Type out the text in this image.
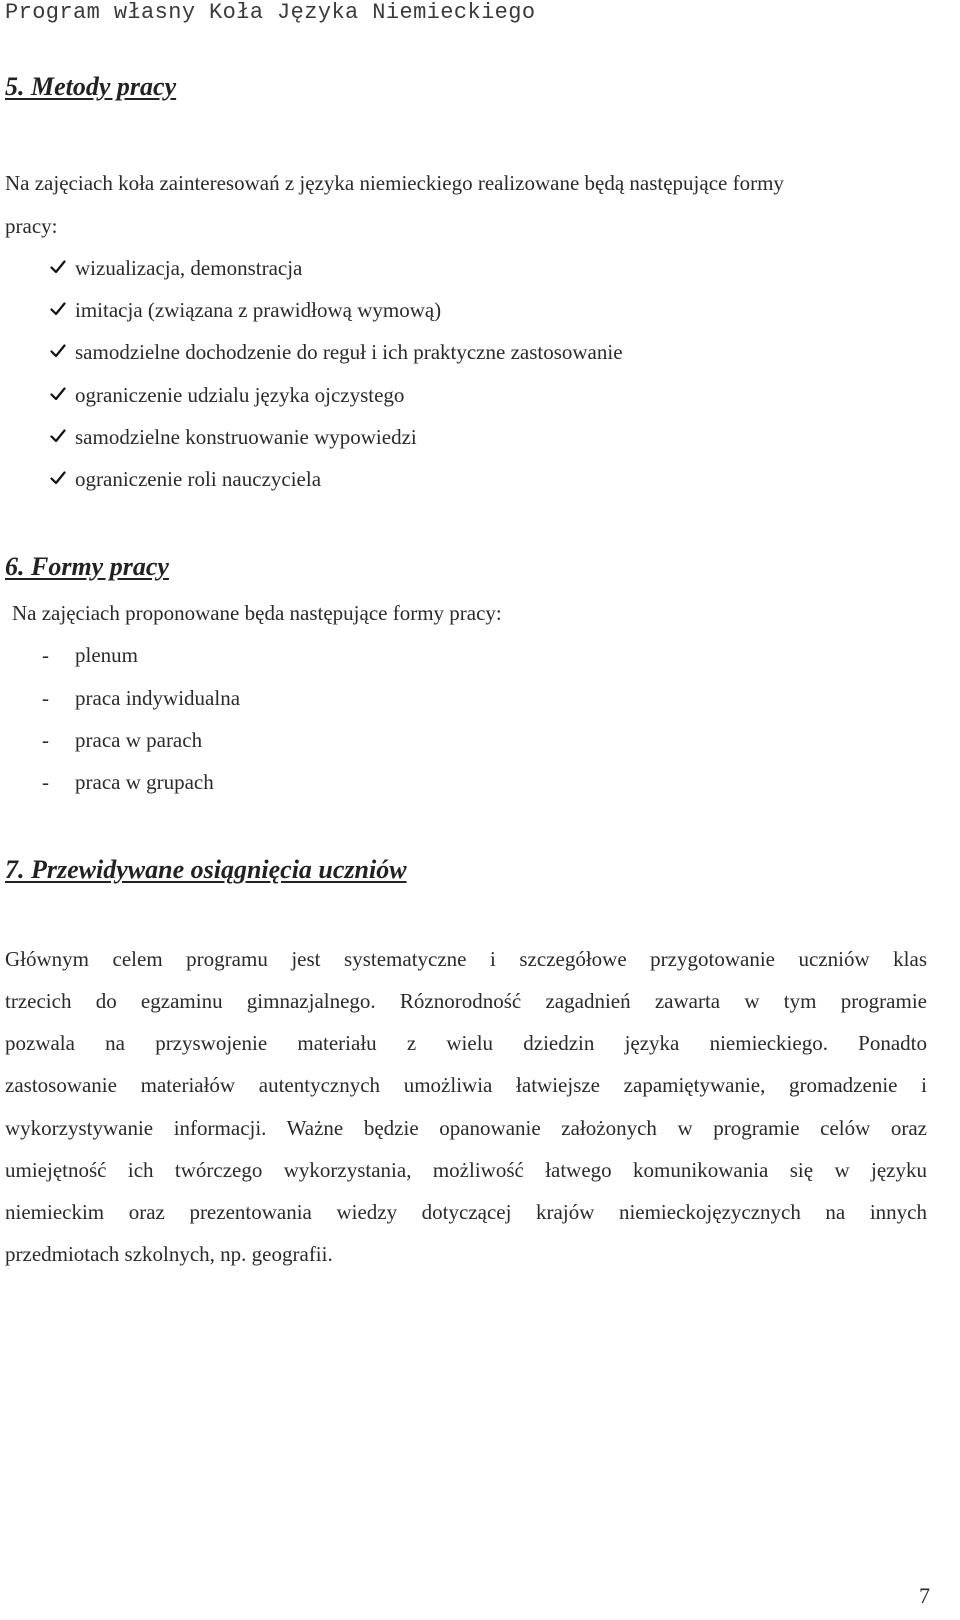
Program własny Koła Języka Niemieckiego
5. Metody pracy
Na zajęciach koła zainteresowań z języka niemieckiego realizowane będą następujące formy
pracy:
wizualizacja, demonstracja
imitacja (związana z prawidłową wymową)
samodzielne dochodzenie do reguł i ich praktyczne zastosowanie
ograniczenie udzialu języka ojczystego
samodzielne konstruowanie wypowiedzi
ograniczenie roli nauczyciela
6. Formy pracy
Na zajęciach proponowane będa następujące formy pracy:
- plenum
- praca indywidualna
- praca w parach
- praca w grupach
7. Przewidywane osiągnięcia uczniów
Głównym celem programu jest systematyczne i szczegółowe przygotowanie uczniów klas
trzecich do egzaminu gimnazjalnego. Róznorodność zagadnień zawarta w tym programie
pozwala na przyswojenie materiału z wielu dziedzin języka niemieckiego. Ponadto
zastosowanie materiałów autentycznych umożliwia łatwiejsze zapamiętywanie, gromadzenie i
wykorzystywanie informacji. Ważne będzie opanowanie założonych w programie celów oraz
umiejętność ich twórczego wykorzystania, możliwość łatwego komunikowania się w języku
niemieckim oraz prezentowania wiedzy dotyczącej krajów niemieckojęzycznych na innych
przedmiotach szkolnych, np. geografii.
7
